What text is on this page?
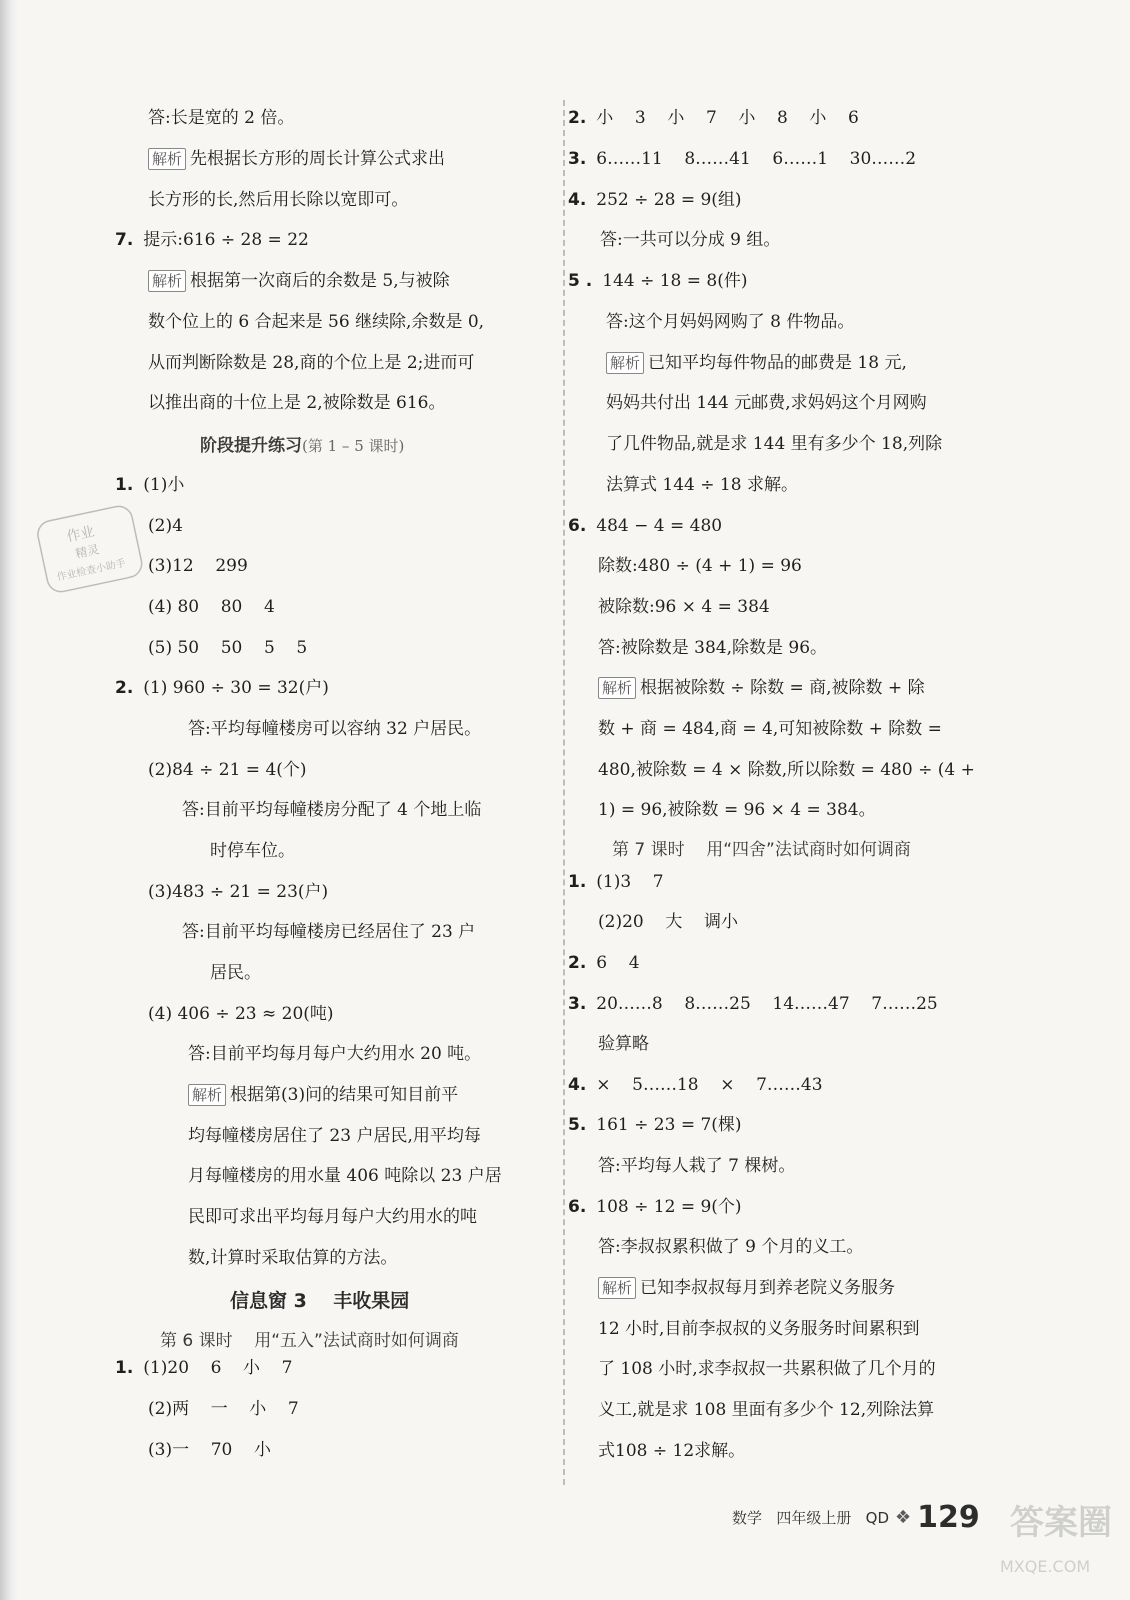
答:长是宽的 2 倍。
解析 先根据长方形的周长计算公式求出
长方形的长,然后用长除以宽即可。
7. 提示:616 ÷ 28 = 22
解析 根据第一次商后的余数是 5,与被除
数个位上的 6 合起来是 56 继续除,余数是 0,
从而判断除数是 28,商的个位上是 2;进而可
以推出商的十位上是 2,被除数是 616。
阶段提升练习(第 1 – 5 课时)
1. (1)小
(2)4
(3)12    299
(4) 80    80    4
(5) 50    50    5    5
2. (1) 960 ÷ 30 = 32(户)
答:平均每幢楼房可以容纳 32 户居民。
(2)84 ÷ 21 = 4(个)
答:目前平均每幢楼房分配了 4 个地上临
时停车位。
(3)483 ÷ 21 = 23(户)
答:目前平均每幢楼房已经居住了 23 户
居民。
(4) 406 ÷ 23 ≈ 20(吨)
答:目前平均每月每户大约用水 20 吨。
解析 根据第(3)问的结果可知目前平
均每幢楼房居住了 23 户居民,用平均每
月每幢楼房的用水量 406 吨除以 23 户居
民即可求出平均每月每户大约用水的吨
数,计算时采取估算的方法。
信息窗 3    丰收果园
第 6 课时    用“五入”法试商时如何调商
1. (1)20    6    小    7
(2)两    一    小    7
(3)一    70    小
2. 小    3    小    7    小    8    小    6
3. 6……11    8……41    6……1    30……2
4. 252 ÷ 28 = 9(组)
答:一共可以分成 9 组。
5 . 144 ÷ 18 = 8(件)
答:这个月妈妈网购了 8 件物品。
解析 已知平均每件物品的邮费是 18 元,
妈妈共付出 144 元邮费,求妈妈这个月网购
了几件物品,就是求 144 里有多少个 18,列除
法算式 144 ÷ 18 求解。
6. 484 − 4 = 480
除数:480 ÷ (4 + 1) = 96
被除数:96 × 4 = 384
答:被除数是 384,除数是 96。
解析 根据被除数 ÷ 除数 = 商,被除数 + 除
数 + 商 = 484,商 = 4,可知被除数 + 除数 =
480,被除数 = 4 × 除数,所以除数 = 480 ÷ (4 +
1) = 96,被除数 = 96 × 4 = 384。
第 7 课时    用“四舍”法试商时如何调商
1. (1)3    7
(2)20    大    调小
2. 6    4
3. 20……8    8……25    14……47    7……25
验算略
4. ×    5……18    ×    7……43
5. 161 ÷ 23 = 7(棵)
答:平均每人栽了 7 棵树。
6. 108 ÷ 12 = 9(个)
答:李叔叔累积做了 9 个月的义工。
解析 已知李叔叔每月到养老院义务服务
12 小时,目前李叔叔的义务服务时间累积到
了 108 小时,求李叔叔一共累积做了几个月的
义工,就是求 108 里面有多少个 12,列除法算
式108 ÷ 12求解。
作业
精灵
作业检查小助手
数学 四年级上册 QD ❖ 129 答案圈
MXQE.COM
